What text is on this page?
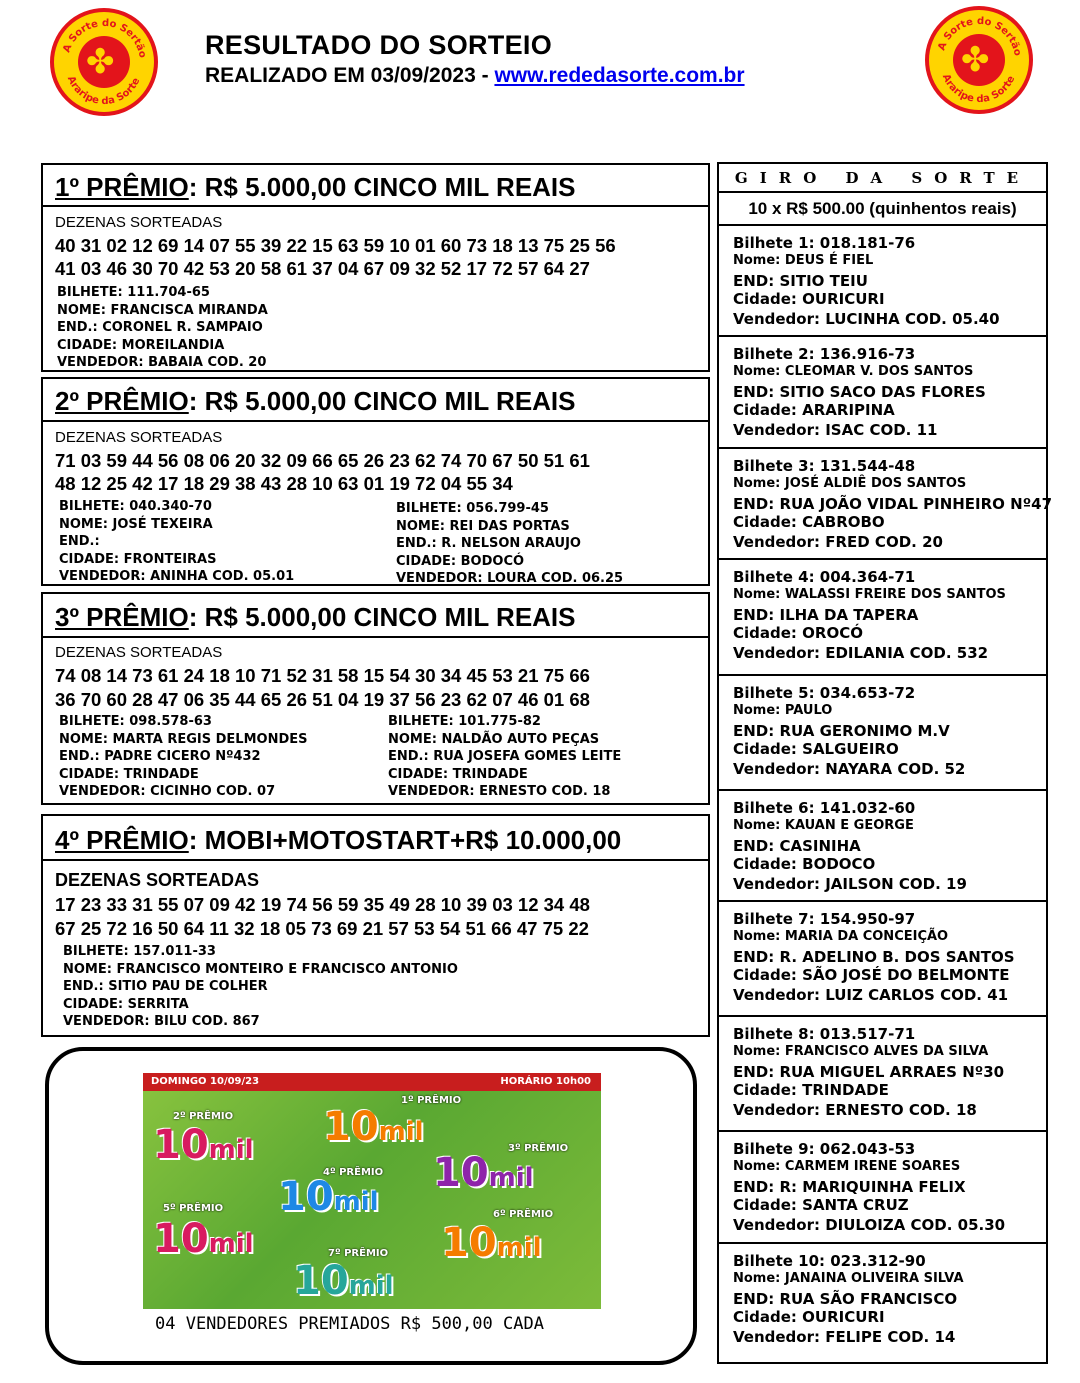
A Sorte do Sertão
Araripe da Sorte
✤	A Sorte do Sertão
Araripe da Sorte
✤
RESULTADO DO SORTEIO
REALIZADO EM 03/09/2023 - www.rededasorte.com.br
1º PRÊMIO: R$ 5.000,00 CINCO MIL REAIS
DEZENAS SORTEADAS
40 31 02 12 69 14 07 55 39 22 15 63 59 10 01 60 73 18 13 75 25 56
41 03 46 30 70 42 53 20 58 61 37 04 67 09 32 52 17 72 57 64 27
BILHETE: 111.704-65
NOME: FRANCISCA MIRANDA
END.: CORONEL R. SAMPAIO
CIDADE: MOREILANDIA
VENDEDOR: BABAIA COD. 20
2º PRÊMIO: R$ 5.000,00 CINCO MIL REAIS
DEZENAS SORTEADAS
71 03 59 44 56 08 06 20 32 09 66 65 26 23 62 74 70 67 50 51 61
48 12 25 42 17 18 29 38 43 28 10 63 01 19 72 04 55 34
BILHETE: 040.340-70
NOME: JOSÉ TEXEIRA
END.:
CIDADE: FRONTEIRAS
VENDEDOR: ANINHA COD. 05.01
BILHETE: 056.799-45
NOME: REI DAS PORTAS
END.: R. NELSON ARAUJO
CIDADE: BODOCÓ
VENDEDOR: LOURA COD. 06.25
3º PRÊMIO: R$ 5.000,00 CINCO MIL REAIS
DEZENAS SORTEADAS
74 08 14 73 61 24 18 10 71 52 31 58 15 54 30 34 45 53 21 75 66
36 70 60 28 47 06 35 44 65 26 51 04 19 37 56 23 62 07 46 01 68
BILHETE: 098.578-63
NOME: MARTA REGIS DELMONDES
END.: PADRE CICERO Nº432
CIDADE: TRINDADE
VENDEDOR: CICINHO COD. 07
BILHETE: 101.775-82
NOME: NALDÃO AUTO PEÇAS
END.: RUA JOSEFA GOMES LEITE
CIDADE: TRINDADE
VENDEDOR: ERNESTO COD. 18
4º PRÊMIO: MOBI+MOTOSTART+R$ 10.000,00
DEZENAS SORTEADAS
17 23 33 31 55 07 09 42 19 74 56 59 35 49 28 10 39 03 12 34 48
67 25 72 16 50 64 11 32 18 05 73 69 21 57 53 54 51 66 47 75 22
BILHETE: 157.011-33
NOME: FRANCISCO MONTEIRO E FRANCISCO ANTONIO
END.: SITIO PAU DE COLHER
CIDADE: SERRITA
VENDEDOR: BILU COD. 867
GIRO DA SORTE
10 x R$ 500.00 (quinhentos reais)
Bilhete 1: 018.181-76
Nome: DEUS É FIEL
END: SITIO TEIU
Cidade: OURICURI
Vendedor: LUCINHA COD. 05.40
Bilhete 2: 136.916-73
Nome: CLEOMAR V. DOS SANTOS
END: SITIO SACO DAS FLORES
Cidade: ARARIPINA
Vendedor: ISAC COD. 11
Bilhete 3: 131.544-48
Nome: JOSÉ ALDIÊ DOS SANTOS
END: RUA JOÃO VIDAL PINHEIRO Nº47
Cidade: CABROBO
Vendedor: FRED COD. 20
Bilhete 4: 004.364-71
Nome: WALASSI FREIRE DOS SANTOS
END: ILHA DA TAPERA
Cidade: OROCÓ
Vendedor: EDILANIA COD. 532
Bilhete 5: 034.653-72
Nome: PAULO
END: RUA GERONIMO M.V
Cidade: SALGUEIRO
Vendedor: NAYARA COD. 52
Bilhete 6: 141.032-60
Nome: KAUAN E GEORGE
END: CASINIHA
Cidade: BODOCO
Vendedor: JAILSON COD. 19
Bilhete 7: 154.950-97
Nome: MARIA DA CONCEIÇÃO
END: R. ADELINO B. DOS SANTOS
Cidade: SÃO JOSÉ DO BELMONTE
Vendedor: LUIZ CARLOS COD. 41
Bilhete 8: 013.517-71
Nome: FRANCISCO ALVES DA SILVA
END: RUA MIGUEL ARRAES Nº30
Cidade: TRINDADE
Vendedor: ERNESTO COD. 18
Bilhete 9: 062.043-53
Nome: CARMEM IRENE SOARES
END: R: MARIQUINHA FELIX
Cidade: SANTA CRUZ
Vendedor: DIULOIZA COD. 05.30
Bilhete 10: 023.312-90
Nome: JANAINA OLIVEIRA SILVA
END: RUA SÃO FRANCISCO
Cidade: OURICURI
Vendedor: FELIPE COD. 14
DOMINGO 10/09/23	HORÁRIO 10h00
2º PRÊMIO
10mil
1º PRÊMIO
10mil
3º PRÊMIO
10mil
4º PRÊMIO
10mil
5º PRÊMIO
10mil
6º PRÊMIO
10mil
7º PRÊMIO
10mil
04 VENDEDORES PREMIADOS R$ 500,00 CADA
